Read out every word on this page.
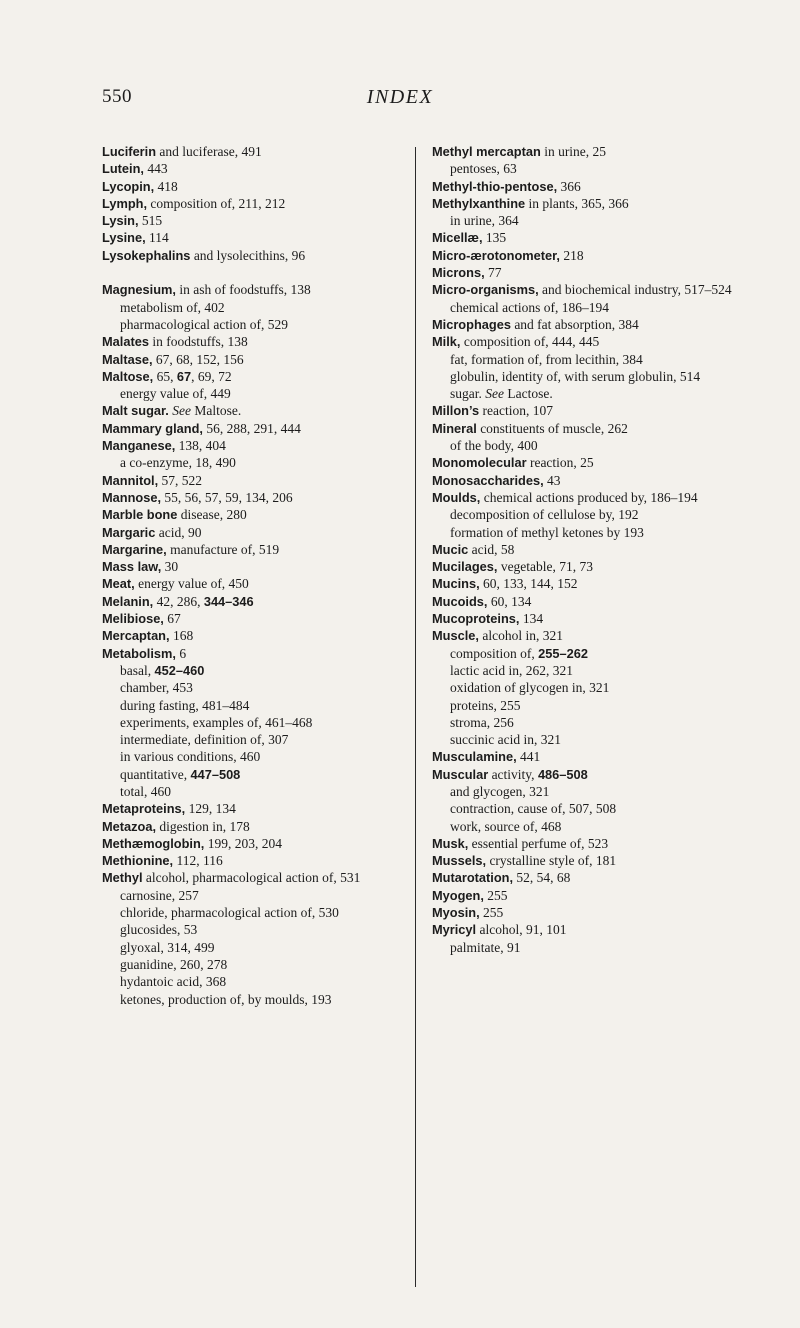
550	INDEX

Luciferin and luciferase, 491

Lutein, 443

Lycopin, 418

Lymph, composition of, 211, 212

Lysin, 515

Lysine, 114

Lysokephalins and lysolecithins, 96

Magnesium, in ash of foodstuffs, 138

metabolism of, 402

pharmacological action of, 529

Malates in foodstuffs, 138

Maltase, 67, 68, 152, 156

Maltose, 65, 67, 69, 72

energy value of, 449

Malt sugar. See Maltose.

Mammary gland, 56, 288, 291, 444

Manganese, 138, 404

a co-enzyme, 18, 490

Mannitol, 57, 522

Mannose, 55, 56, 57, 59, 134, 206

Marble bone disease, 280

Margaric acid, 90

Margarine, manufacture of, 519

Mass law, 30

Meat, energy value of, 450

Melanin, 42, 286, 344–346

Melibiose, 67

Mercaptan, 168

Metabolism, 6

basal, 452–460

chamber, 453

during fasting, 481–484

experiments, examples of, 461–468

intermediate, definition of, 307

in various conditions, 460

quantitative, 447–508

total, 460

Metaproteins, 129, 134

Metazoa, digestion in, 178

Methæmoglobin, 199, 203, 204

Methionine, 112, 116

Methyl alcohol, pharmacological action of, 531

carnosine, 257

chloride, pharmacological action of, 530

glucosides, 53

glyoxal, 314, 499

guanidine, 260, 278

hydantoic acid, 368

ketones, production of, by moulds, 193

Methyl mercaptan in urine, 25

pentoses, 63

Methyl-thio-pentose, 366

Methylxanthine in plants, 365, 366

in urine, 364

Micellæ, 135

Micro-ærotonometer, 218

Microns, 77

Micro-organisms, and biochemical industry, 517–524

chemical actions of, 186–194

Microphages and fat absorption, 384

Milk, composition of, 444, 445

fat, formation of, from lecithin, 384

globulin, identity of, with serum globulin, 514

sugar. See Lactose.

Millon’s reaction, 107

Mineral constituents of muscle, 262

of the body, 400

Monomolecular reaction, 25

Monosaccharides, 43

Moulds, chemical actions produced by, 186–194

decomposition of cellulose by, 192

formation of methyl ketones by 193

Mucic acid, 58

Mucilages, vegetable, 71, 73

Mucins, 60, 133, 144, 152

Mucoids, 60, 134

Mucoproteins, 134

Muscle, alcohol in, 321

composition of, 255–262

lactic acid in, 262, 321

oxidation of glycogen in, 321

proteins, 255

stroma, 256

succinic acid in, 321

Musculamine, 441

Muscular activity, 486–508

and glycogen, 321

contraction, cause of, 507, 508

work, source of, 468

Musk, essential perfume of, 523

Mussels, crystalline style of, 181

Mutarotation, 52, 54, 68

Myogen, 255

Myosin, 255

Myricyl alcohol, 91, 101

palmitate, 91
